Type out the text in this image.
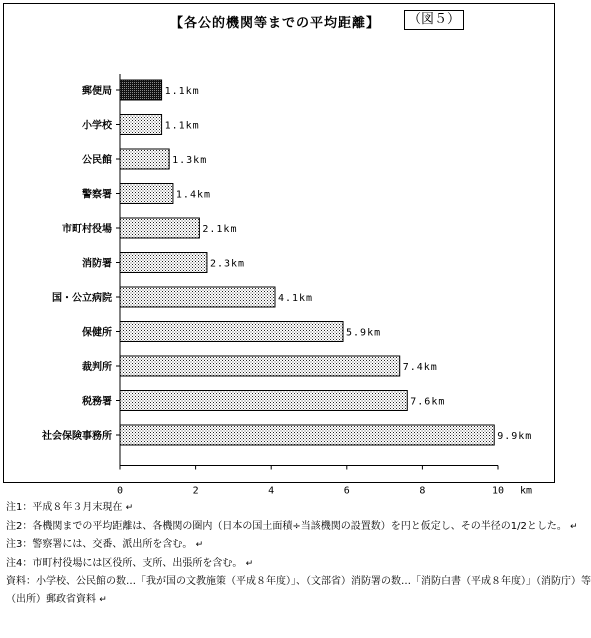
【各公的機関等までの平均距離】	（図５）
1.1km
1.1km
1.3km
1.4km
2.1km
2.3km
4.1km
5.9km
7.4km
7.6km
9.9km
郵便局
小学校
公民館
警察署
市町村役場
消防署
国・公立病院
保健所
裁判所
税務署
社会保険事務所
0	2	4	6	8	10 km
注1：平成８年３月末現在 ↵
注2：各機関までの平均距離は、各機関の圏内（日本の国土面積÷当該機関の設置数）を円と仮定し、その半径の1/2とした。 ↵
注3：警察署には、交番、派出所を含む。 ↵
注4：市町村役場には区役所、支所、出張所を含む。 ↵
資料：小学校、公民館の数…「我が国の文教施策（平成８年度）」、（文部省）消防署の数…「消防白書（平成８年度）」（消防庁）等
（出所）郵政省資料 ↵
